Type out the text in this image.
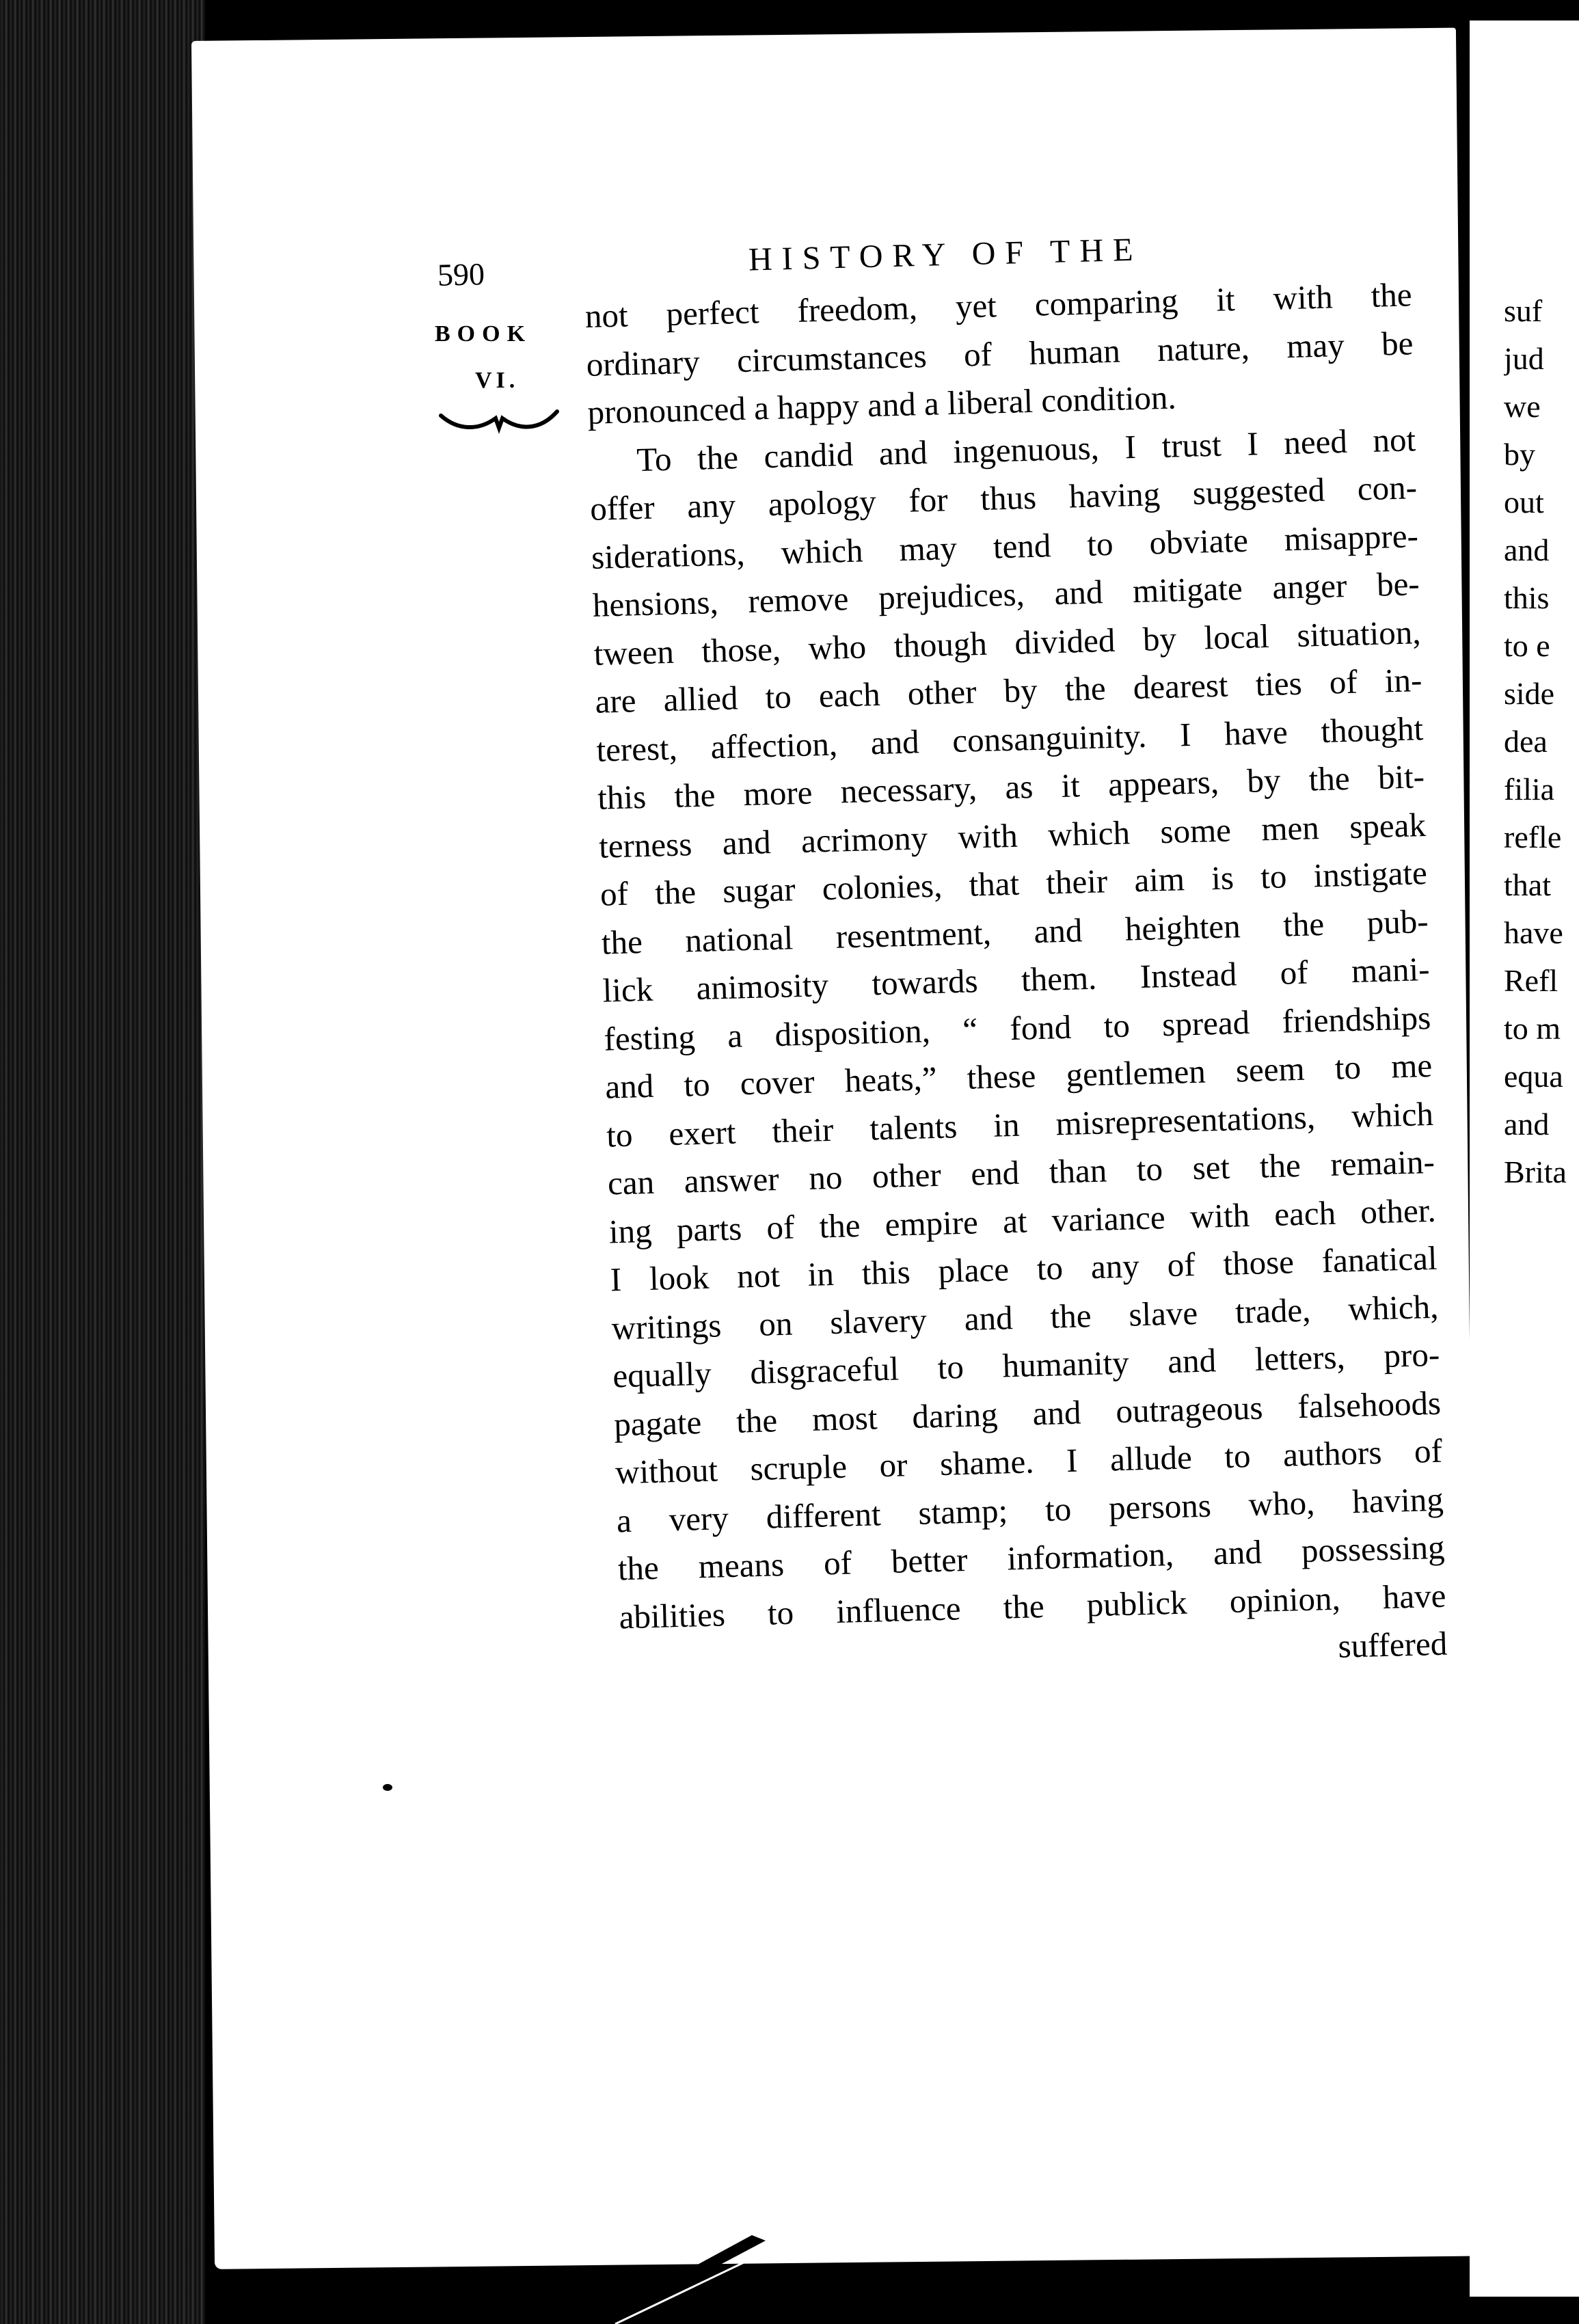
590	HISTORY OF THE
BOOK
VI.
not perfect freedom, yet comparing it with the
ordinary circumstances of human nature, may be
pronounced a happy and a liberal condition.
To the candid and ingenuous, I trust I need not
offer any apology for thus having suggested con-
siderations, which may tend to obviate misappre-
hensions, remove prejudices, and mitigate anger be-
tween those, who though divided by local situation,
are allied to each other by the dearest ties of in-
terest, affection, and consanguinity. I have thought
this the more necessary, as it appears, by the bit-
terness and acrimony with which some men speak
of the sugar colonies, that their aim is to instigate
the national resentment, and heighten the pub-
lick animosity towards them. Instead of mani-
festing a disposition, “ fond to spread friendships
and to cover heats,” these gentlemen seem to me
to exert their talents in misrepresentations, which
can answer no other end than to set the remain-
ing parts of the empire at variance with each other.
I look not in this place to any of those fanatical
writings on slavery and the slave trade, which,
equally disgraceful to humanity and letters, pro-
pagate the most daring and outrageous falsehoods
without scruple or shame. I allude to authors of
a very different stamp; to persons who, having
the means of better information, and possessing
abilities to influence the publick opinion, have
suffered
suf
jud
we
by
out
and
this
to e
side
dea
filia
refle
that
have
Refl
to m
equa
and
Brita
